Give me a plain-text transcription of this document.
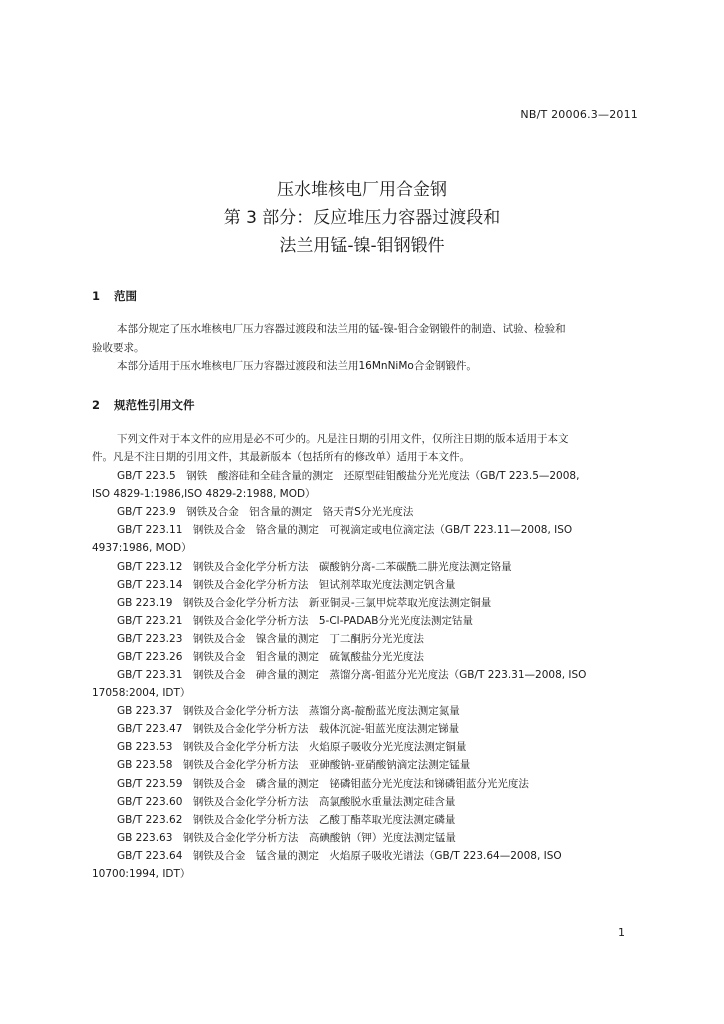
NB/T 20006.3—2011
压水堆核电厂用合金钢
第 3 部分：反应堆压力容器过渡段和
法兰用锰-镍-钼钢锻件
1 范围
本部分规定了压水堆核电厂压力容器过渡段和法兰用的锰-镍-钼合金钢锻件的制造、试验、检验和
验收要求。
本部分适用于压水堆核电厂压力容器过渡段和法兰用16MnNiMo合金钢锻件。
2 规范性引用文件
下列文件对于本文件的应用是必不可少的。凡是注日期的引用文件，仅所注日期的版本适用于本文
件。凡是不注日期的引用文件，其最新版本（包括所有的修改单）适用于本文件。
GB/T 223.5　钢铁　酸溶硅和全硅含量的测定　还原型硅钼酸盐分光光度法（GB/T 223.5—2008,
ISO 4829-1:1986,ISO 4829-2:1988, MOD）
GB/T 223.9　钢铁及合金　铝含量的测定　铬天青S分光光度法
GB/T 223.11　钢铁及合金　铬含量的测定　可视滴定或电位滴定法（GB/T 223.11—2008, ISO
4937:1986, MOD）
GB/T 223.12　钢铁及合金化学分析方法　碳酸钠分离-二苯碳酰二肼光度法测定铬量
GB/T 223.14　钢铁及合金化学分析方法　钽试剂萃取光度法测定钒含量
GB 223.19　钢铁及合金化学分析方法　新亚铜灵-三氯甲烷萃取光度法测定铜量
GB/T 223.21　钢铁及合金化学分析方法　5-Cl-PADAB分光光度法测定钴量
GB/T 223.23　钢铁及合金　镍含量的测定　丁二酮肟分光光度法
GB/T 223.26　钢铁及合金　钼含量的测定　硫氰酸盐分光光度法
GB/T 223.31　钢铁及合金　砷含量的测定　蒸馏分离-钼蓝分光光度法（GB/T 223.31—2008, ISO
17058:2004, IDT）
GB 223.37　钢铁及合金化学分析方法　蒸馏分离-靛酚蓝光度法测定氮量
GB/T 223.47　钢铁及合金化学分析方法　载体沉淀-钼蓝光度法测定锑量
GB 223.53　钢铁及合金化学分析方法　火焰原子吸收分光光度法测定铜量
GB 223.58　钢铁及合金化学分析方法　亚砷酸钠-亚硝酸钠滴定法测定锰量
GB/T 223.59　钢铁及合金　磷含量的测定　铋磷钼蓝分光光度法和锑磷钼蓝分光光度法
GB/T 223.60　钢铁及合金化学分析方法　高氯酸脱水重量法测定硅含量
GB/T 223.62　钢铁及合金化学分析方法　乙酸丁酯萃取光度法测定磷量
GB 223.63　钢铁及合金化学分析方法　高碘酸钠（钾）光度法测定锰量
GB/T 223.64　钢铁及合金　锰含量的测定　火焰原子吸收光谱法（GB/T 223.64—2008, ISO
10700:1994, IDT）
1
